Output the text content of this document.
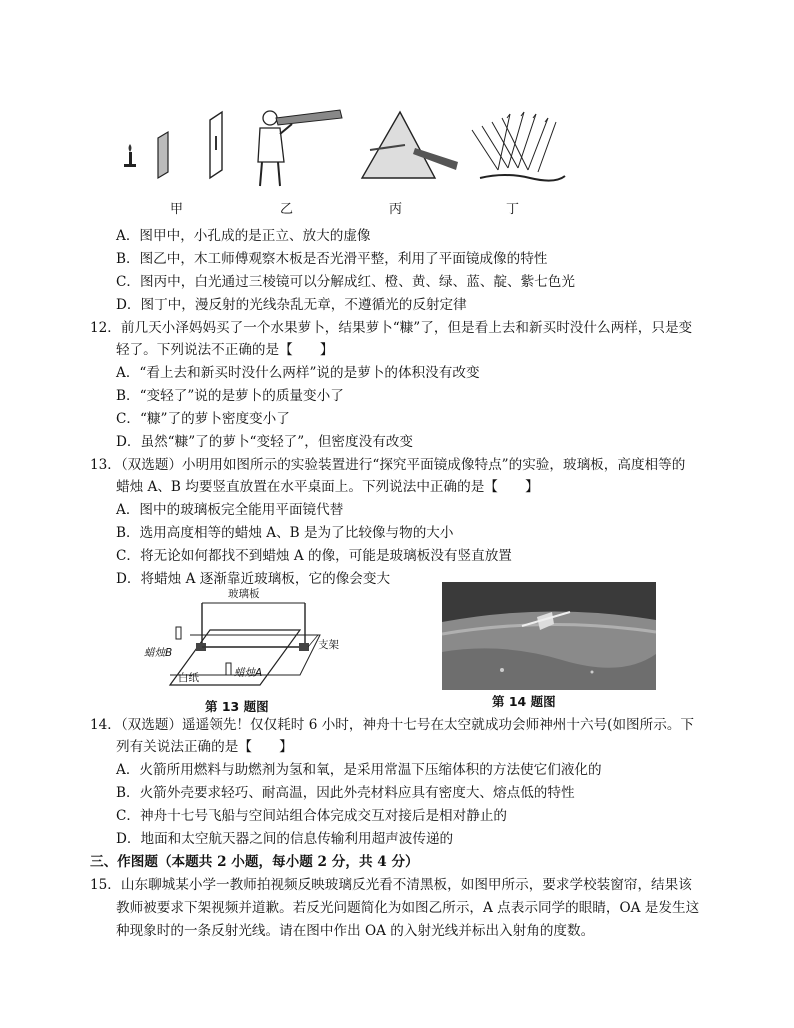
甲	乙	丙	丁
A．图甲中，小孔成的是正立、放大的虚像
B．图乙中，木工师傅观察木板是否光滑平整，利用了平面镜成像的特性
C．图丙中，白光通过三棱镜可以分解成红、橙、黄、绿、蓝、靛、紫七色光
D．图丁中，漫反射的光线杂乱无章，不遵循光的反射定律
12．前几天小泽妈妈买了一个水果萝卜，结果萝卜“糠”了，但是看上去和新买时没什么两样，只是变
轻了。下列说法不正确的是【　　】
A．“看上去和新买时没什么两样”说的是萝卜的体积没有改变
B．“变轻了”说的是萝卜的质量变小了
C．“糠”了的萝卜密度变小了
D．虽然“糠”了的萝卜“变轻了”，但密度没有改变
13．（双选题）小明用如图所示的实验装置进行“探究平面镜成像特点”的实验，玻璃板，高度相等的
蜡烛 A、B 均要竖直放置在水平桌面上。下列说法中正确的是【　　】
A．图中的玻璃板完全能用平面镜代替
B．选用高度相等的蜡烛 A、B 是为了比较像与物的大小
C．将无论如何都找不到蜡烛 A 的像，可能是玻璃板没有竖直放置
D．将蜡烛 A 逐渐靠近玻璃板，它的像会变大
玻璃板
支架
蜡烛B
蜡烛A
白纸
第 13 题图	第 14 题图
14．（双选题）遥遥领先！仅仅耗时 6 小时，神舟十七号在太空就成功会师神州十六号(如图所示。下
列有关说法正确的是【　　】
A．火箭所用燃料与助燃剂为氢和氧，是采用常温下压缩体积的方法使它们液化的
B．火箭外壳要求轻巧、耐高温，因此外壳材料应具有密度大、熔点低的特性
C．神舟十七号飞船与空间站组合体完成交互对接后是相对静止的
D．地面和太空航天器之间的信息传输利用超声波传递的
三、作图题（本题共 2 小题，每小题 2 分，共 4 分）
15．山东聊城某小学一教师拍视频反映玻璃反光看不清黑板，如图甲所示，要求学校装窗帘，结果该
教师被要求下架视频并道歉。若反光问题简化为如图乙所示，A 点表示同学的眼睛，OA 是发生这
种现象时的一条反射光线。请在图中作出 OA 的入射光线并标出入射角的度数。
